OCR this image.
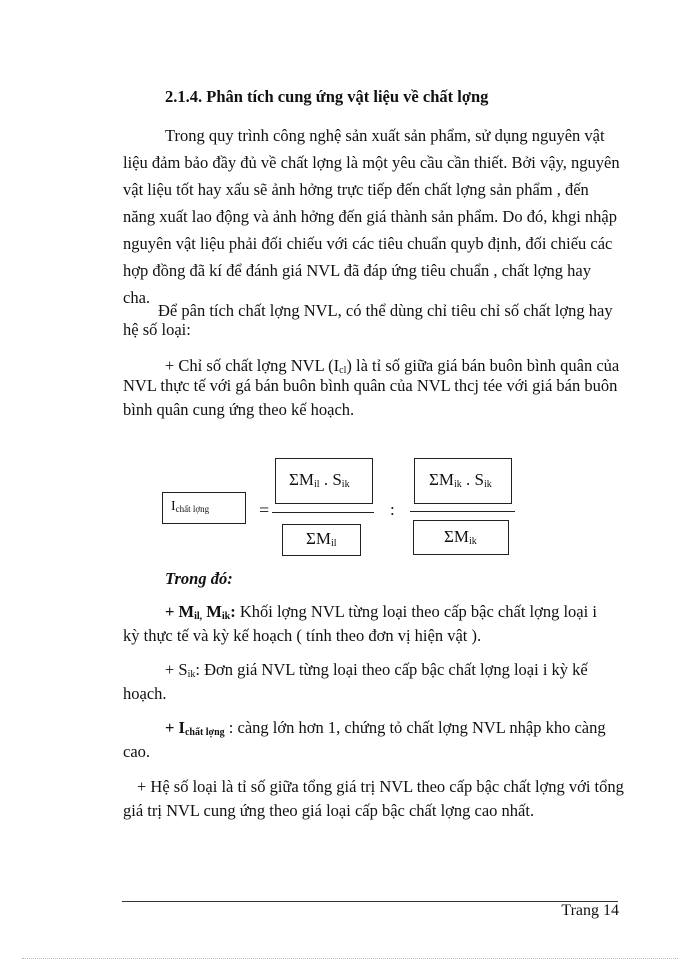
2.1.4. Phân tích cung ứng vật liệu về chất lợng

Trong quy trình công nghệ sản xuất sản phẩm, sử dụng nguyên vật

liệu đảm bảo đầy đủ về chất lợng là một yêu cầu cần thiết. Bởi vậy, nguyên

vật liệu tốt hay xấu sẽ ảnh hởng trực tiếp đến chất lợng sản phẩm , đến

năng xuất lao động và ảnh hởng đến giá thành sản phẩm. Do đó, khgi nhập

nguyên vật liệu phải đối chiếu với các tiêu chuẩn quyb định, đối chiếu các

hợp đồng đã kí để đánh giá NVL đã đáp ứng tiêu chuẩn , chất lợng hay

cha.

Để pân tích chất lợng NVL, có thể dùng chỉ tiêu chỉ số chất lợng hay

hệ số loại:

+ Chỉ số chất lợng NVL $(I_{cl})$ là tỉ số giữa giá bán buôn bình quân của

NVL thực tế với gá bán buôn bình quân của NVL thcj tée với giá bán buôn

bình quân cung ứng theo kế hoạch.

$I_{chất lợng}$	=
$\Sigma M_{il}$ . $S_{ik}$
$\Sigma M_{il}$
:
$\Sigma M_{ik}$ . $S_{ik}$
$\Sigma M_{ik}$

Trong đó:

+ $M_{il,}$ $M_{ik}$: Khối lợng NVL từng loại theo cấp bậc chất lợng loại i

kỳ thực tế và kỳ kế hoạch ( tính theo đơn vị hiện vật ).

+ $S_{ik}$: Đơn giá NVL từng loại theo cấp bậc chất lợng loại i kỳ kế

hoạch.

+ $I_{chất lợng}$ : càng lớn hơn 1, chứng tỏ chất lợng NVL nhập kho càng

cao.

+ Hệ số loại là tỉ số giữa tổng giá trị NVL theo cấp bậc chất lợng với tổng

giá trị NVL cung ứng theo giá loại cấp bậc chất lợng cao nhất.

Trang 14
